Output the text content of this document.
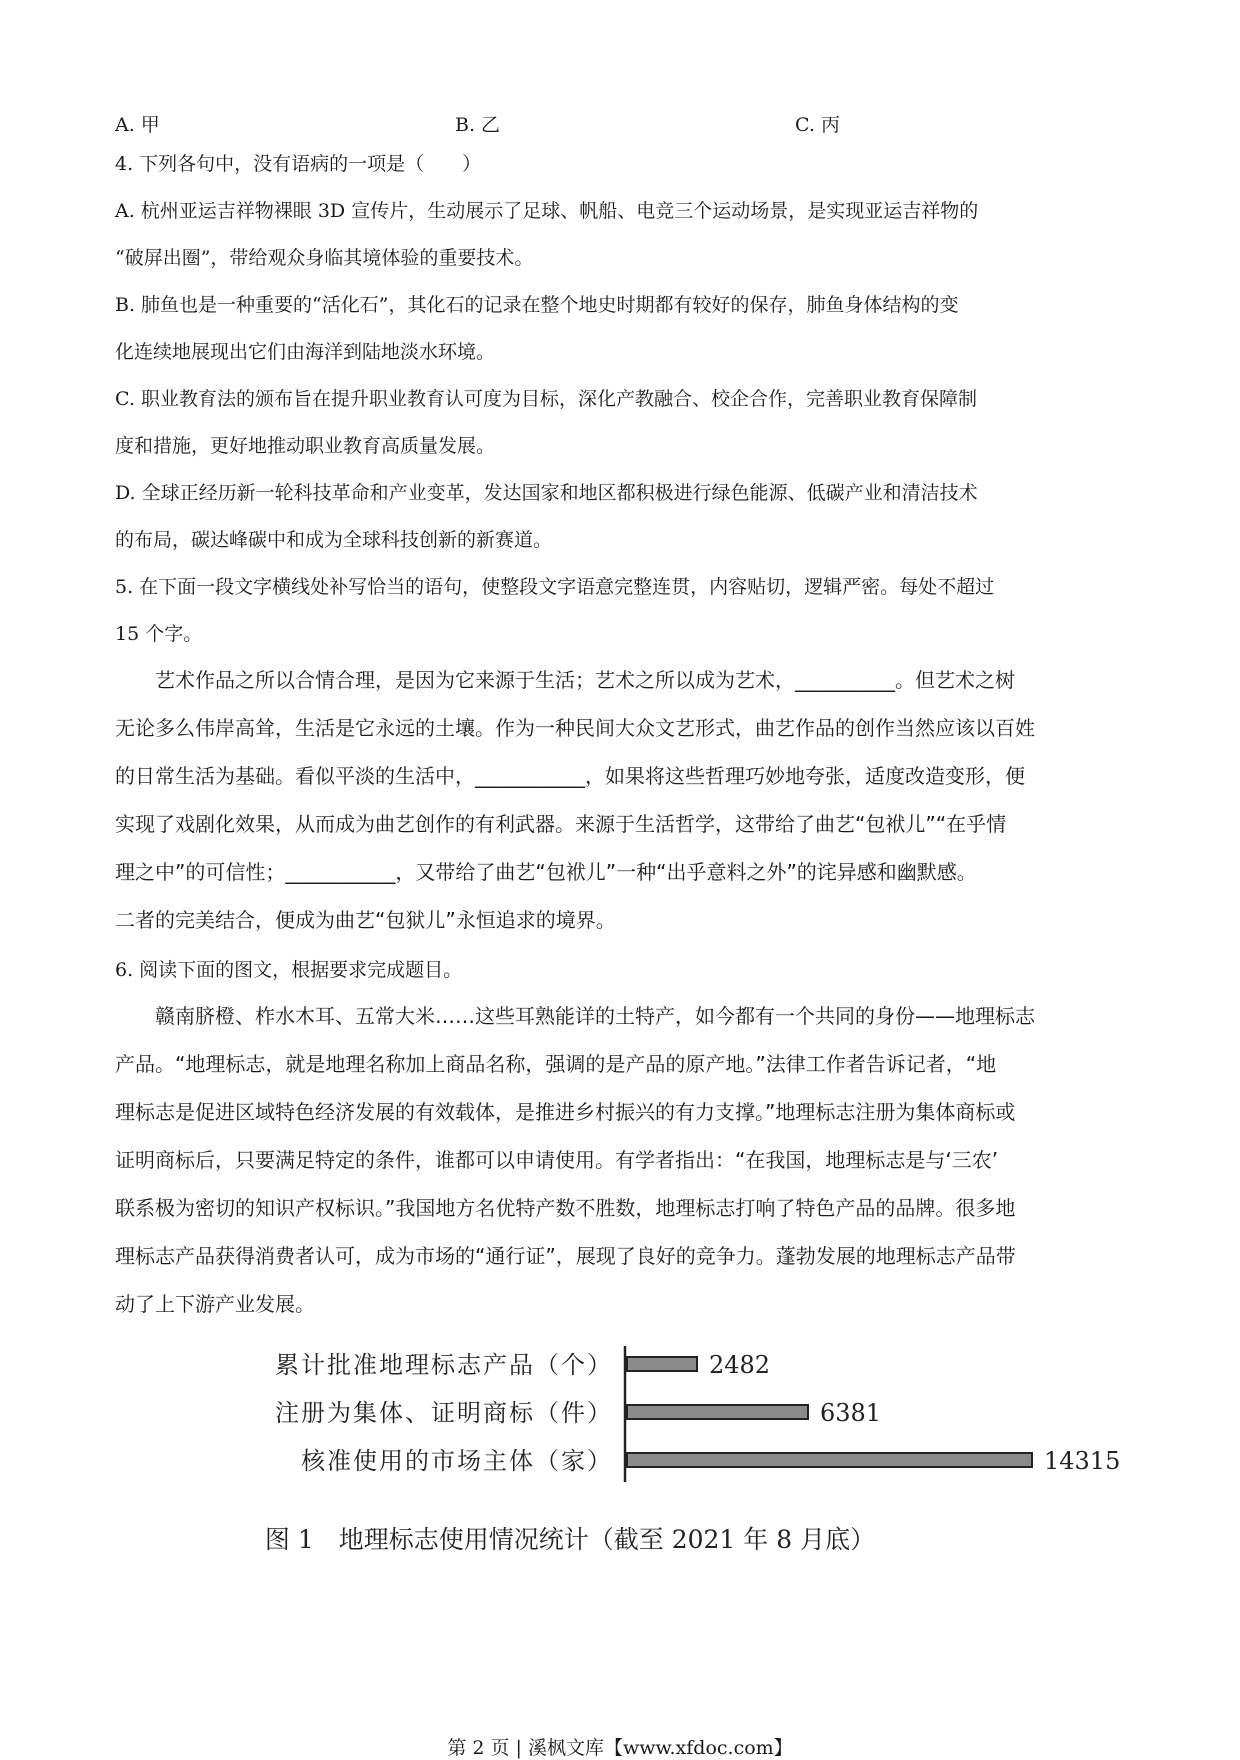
A. 甲	B. 乙	C. 丙
4. 下列各句中，没有语病的一项是（　　）
A. 杭州亚运吉祥物裸眼 3D 宣传片，生动展示了足球、帆船、电竞三个运动场景，是实现亚运吉祥物的
“破屏出圈”，带给观众身临其境体验的重要技术。
B. 肺鱼也是一种重要的“活化石”，其化石的记录在整个地史时期都有较好的保存，肺鱼身体结构的变
化连续地展现出它们由海洋到陆地淡水环境。
C. 职业教育法的颁布旨在提升职业教育认可度为目标，深化产教融合、校企合作，完善职业教育保障制
度和措施，更好地推动职业教育高质量发展。
D. 全球正经历新一轮科技革命和产业变革，发达国家和地区都积极进行绿色能源、低碳产业和清洁技术
的布局，碳达峰碳中和成为全球科技创新的新赛道。
5. 在下面一段文字横线处补写恰当的语句，使整段文字语意完整连贯，内容贴切，逻辑严密。每处不超过
15 个字。
艺术作品之所以合情合理，是因为它来源于生活；艺术之所以成为艺术，__________。但艺术之树
无论多么伟岸高耸，生活是它永远的土壤。作为一种民间大众文艺形式，曲艺作品的创作当然应该以百姓
的日常生活为基础。看似平淡的生活中，___________，如果将这些哲理巧妙地夸张，适度改造变形，便
实现了戏剧化效果，从而成为曲艺创作的有利武器。来源于生活哲学，这带给了曲艺“包袱儿”“在乎情
理之中”的可信性；___________，又带给了曲艺“包袱儿”一种“出乎意料之外”的诧异感和幽默感。
二者的完美结合，便成为曲艺“包狱儿”永恒追求的境界。
6. 阅读下面的图文，根据要求完成题目。
赣南脐橙、柞水木耳、五常大米……这些耳熟能详的土特产，如今都有一个共同的身份——地理标志
产品。“地理标志，就是地理名称加上商品名称，强调的是产品的原产地。”法律工作者告诉记者，“地
理标志是促进区域特色经济发展的有效载体，是推进乡村振兴的有力支撑。”地理标志注册为集体商标或
证明商标后，只要满足特定的条件，谁都可以申请使用。有学者指出：“在我国，地理标志是与‘三农’
联系极为密切的知识产权标识。”我国地方名优特产数不胜数，地理标志打响了特色产品的品牌。很多地
理标志产品获得消费者认可，成为市场的“通行证”，展现了良好的竞争力。蓬勃发展的地理标志产品带
动了上下游产业发展。
图 1　地理标志使用情况统计（截至 2021 年 8 月底）
累计批准地理标志产品（个）	2482
注册为集体、证明商标（件）	6381
核准使用的市场主体（家）	14315
第 2 页 | 溪枫文库【www.xfdoc.com】
